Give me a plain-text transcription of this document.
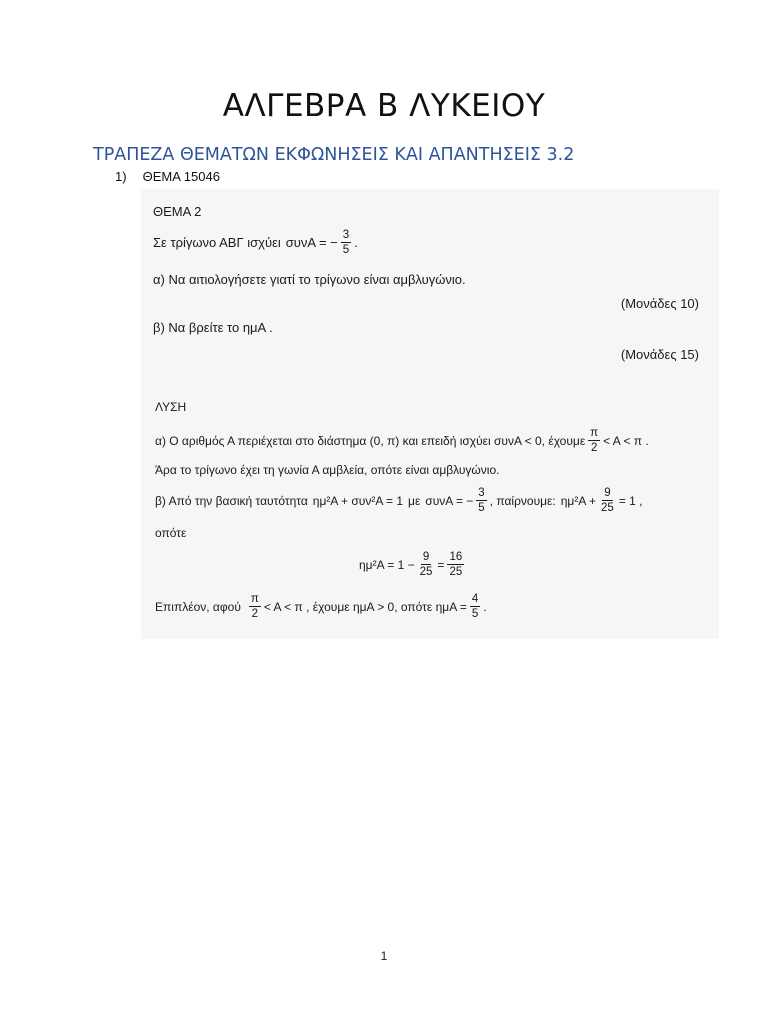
ΑΛΓΕΒΡΑ Β ΛΥΚΕΙΟΥ
ΤΡΑΠΕΖΑ ΘΕΜΑΤΩΝ ΕΚΦΩΝΗΣΕΙΣ ΚΑΙ ΑΠΑΝΤΗΣΕΙΣ 3.2
1) ΘΕΜΑ 15046
ΘΕΜΑ 2
Σε τρίγωνο ΑΒΓ ισχύει συνΑ = − $\frac{3}{5}$ .
α) Να αιτιολογήσετε γιατί το τρίγωνο είναι αμβλυγώνιο.
(Μονάδες 10)
β) Να βρείτε το ημΑ .
(Μονάδες 15)
ΛΥΣΗ
α) Ο αριθμός Α περιέχεται στο διάστημα (0, π) και επειδή ισχύει συνΑ < 0, έχουμε $\frac{\pi}{2} < A < \pi$ .
Άρα το τρίγωνο έχει τη γωνία Α αμβλεία, οπότε είναι αμβλυγώνιο.
β) Από την βασική ταυτότητα ημ²Α + συν²Α = 1 με συνΑ = − $\frac{3}{5}$ , παίρνουμε: $\eta\mu^2A + \frac{9}{25} = 1$ ,
οπότε
$\eta\mu^2A = 1 - \frac{9}{25} = \frac{16}{25}$
Επιπλέον, αφού $\frac{\pi}{2} < A < \pi$ , έχουμε ημΑ > 0, οπότε $\eta\mu A = \frac{4}{5}$ .
1
